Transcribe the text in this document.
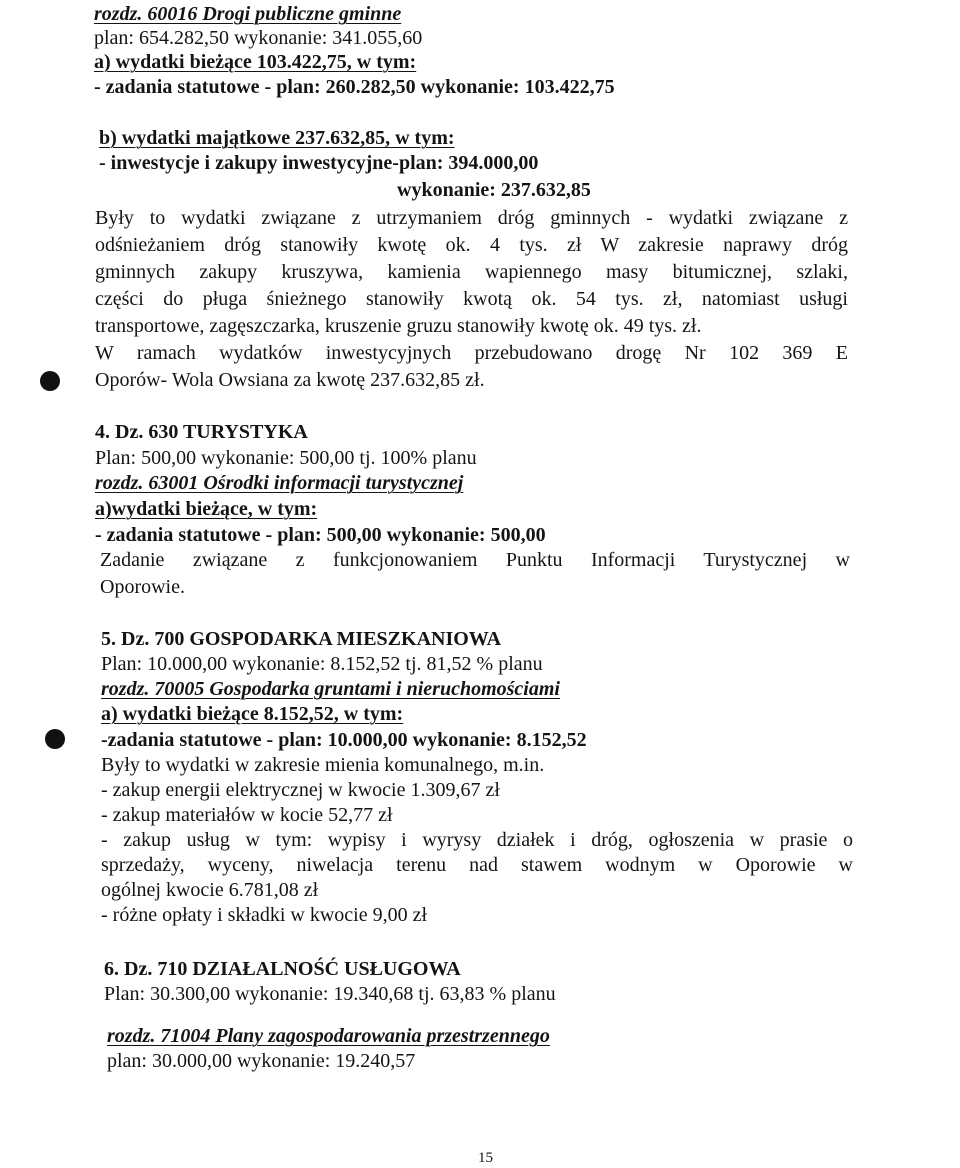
rozdz. 60016 Drogi publiczne gminne
plan: 654.282,50 wykonanie: 341.055,60
a) wydatki bieżące 103.422,75, w tym:
- zadania statutowe - plan: 260.282,50 wykonanie: 103.422,75
b) wydatki majątkowe 237.632,85, w tym:
- inwestycje i zakupy inwestycyjne-plan: 394.000,00
wykonanie: 237.632,85
Były to wydatki związane z utrzymaniem dróg gminnych - wydatki związane z
odśnieżaniem dróg stanowiły kwotę ok. 4 tys. zł W zakresie naprawy dróg
gminnych zakupy kruszywa, kamienia wapiennego masy bitumicznej, szlaki,
części do pługa śnieżnego stanowiły kwotą ok. 54 tys. zł, natomiast usługi
transportowe, zagęszczarka, kruszenie gruzu stanowiły kwotę ok. 49 tys. zł.
W ramach wydatków inwestycyjnych przebudowano drogę Nr 102 369 E
Oporów- Wola Owsiana za kwotę 237.632,85 zł.
4. Dz. 630 TURYSTYKA
Plan: 500,00 wykonanie: 500,00 tj. 100% planu
rozdz. 63001 Ośrodki informacji turystycznej
a)wydatki bieżące, w tym:
- zadania statutowe - plan: 500,00 wykonanie: 500,00
Zadanie związane z funkcjonowaniem Punktu Informacji Turystycznej w
Oporowie.
5. Dz. 700 GOSPODARKA MIESZKANIOWA
Plan: 10.000,00 wykonanie: 8.152,52 tj. 81,52 % planu
rozdz. 70005 Gospodarka gruntami i nieruchomościami
a) wydatki bieżące 8.152,52, w tym:
-zadania statutowe - plan: 10.000,00 wykonanie: 8.152,52
Były to wydatki w zakresie mienia komunalnego, m.in.
- zakup energii elektrycznej w kwocie 1.309,67 zł
- zakup materiałów w kocie 52,77 zł
- zakup usług w tym: wypisy i wyrysy działek i dróg, ogłoszenia w prasie o
sprzedaży, wyceny, niwelacja terenu nad stawem wodnym w Oporowie w
ogólnej kwocie 6.781,08 zł
- różne opłaty i składki w kwocie 9,00 zł
6. Dz. 710 DZIAŁALNOŚĆ USŁUGOWA
Plan: 30.300,00 wykonanie: 19.340,68 tj. 63,83 % planu
rozdz. 71004 Plany zagospodarowania przestrzennego
plan: 30.000,00 wykonanie: 19.240,57
15
